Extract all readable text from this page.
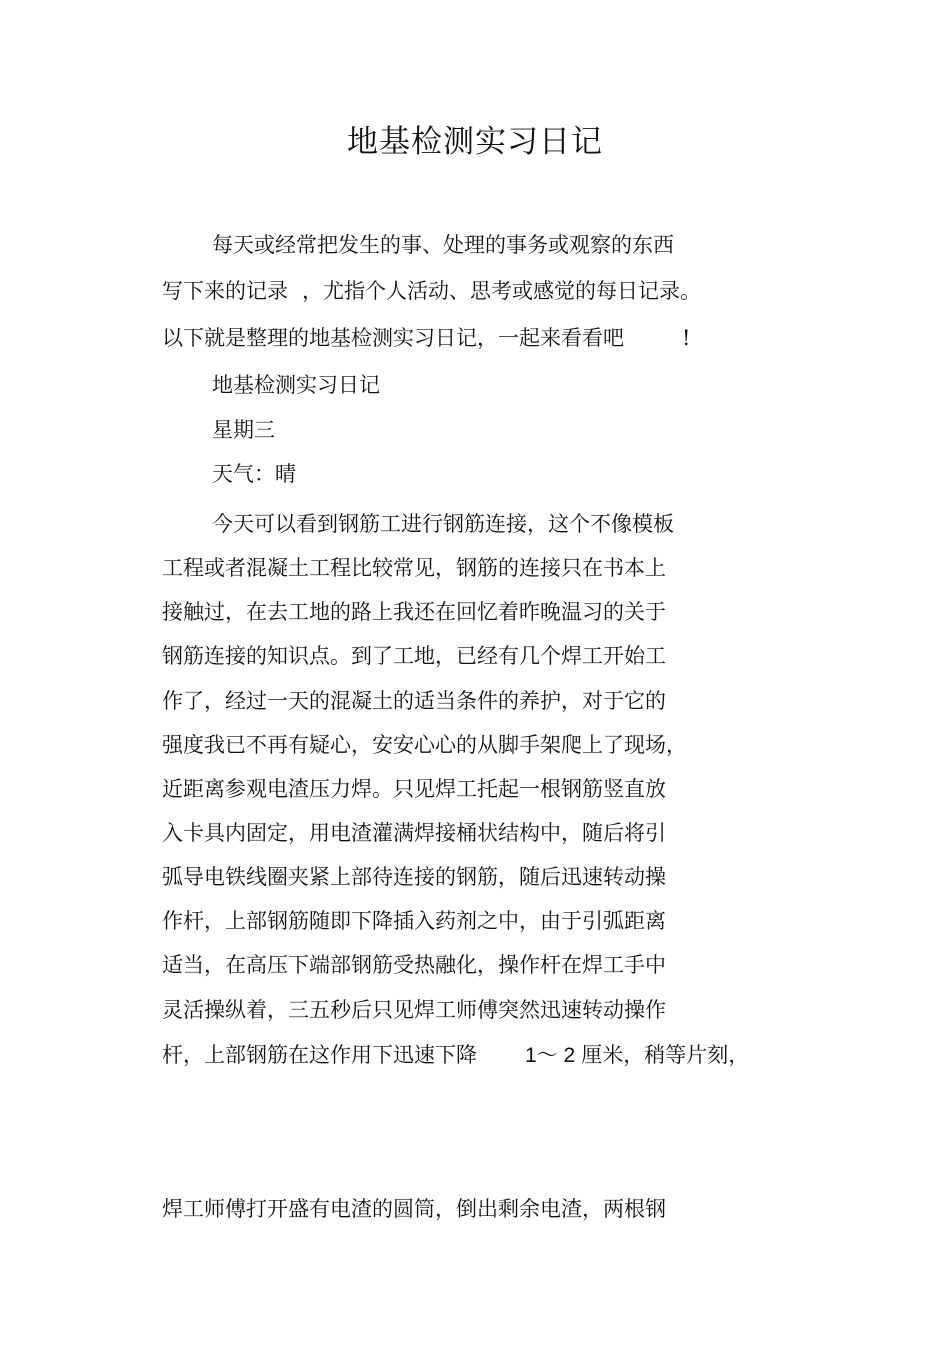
地基检测实习日记

每天或经常把发生的事、处理的事务或观察的东西

写下来的记录 ，尤指个人活动、思考或感觉的每日记录。

以下就是整理的地基检测实习日记，一起来看看吧	!

地基检测实习日记

星期三

天气：晴

今天可以看到钢筋工进行钢筋连接，这个不像模板

工程或者混凝土工程比较常见，钢筋的连接只在书本上

接触过，在去工地的路上我还在回忆着昨晚温习的关于

钢筋连接的知识点。到了工地，已经有几个焊工开始工

作了，经过一天的混凝土的适当条件的养护，对于它的

强度我已不再有疑心，安安心心的从脚手架爬上了现场，

近距离参观电渣压力焊。只见焊工托起一根钢筋竖直放

入卡具内固定，用电渣灌满焊接桶状结构中，随后将引

弧导电铁线圈夹紧上部待连接的钢筋，随后迅速转动操

作杆，上部钢筋随即下降插入药剂之中，由于引弧距离

适当，在高压下端部钢筋受热融化，操作杆在焊工手中

灵活操纵着，三五秒后只见焊工师傅突然迅速转动操作

杆，上部钢筋在这作用下迅速下降 1～ 2 厘米，稍等片刻，

焊工师傅打开盛有电渣的圆筒，倒出剩余电渣，两根钢
